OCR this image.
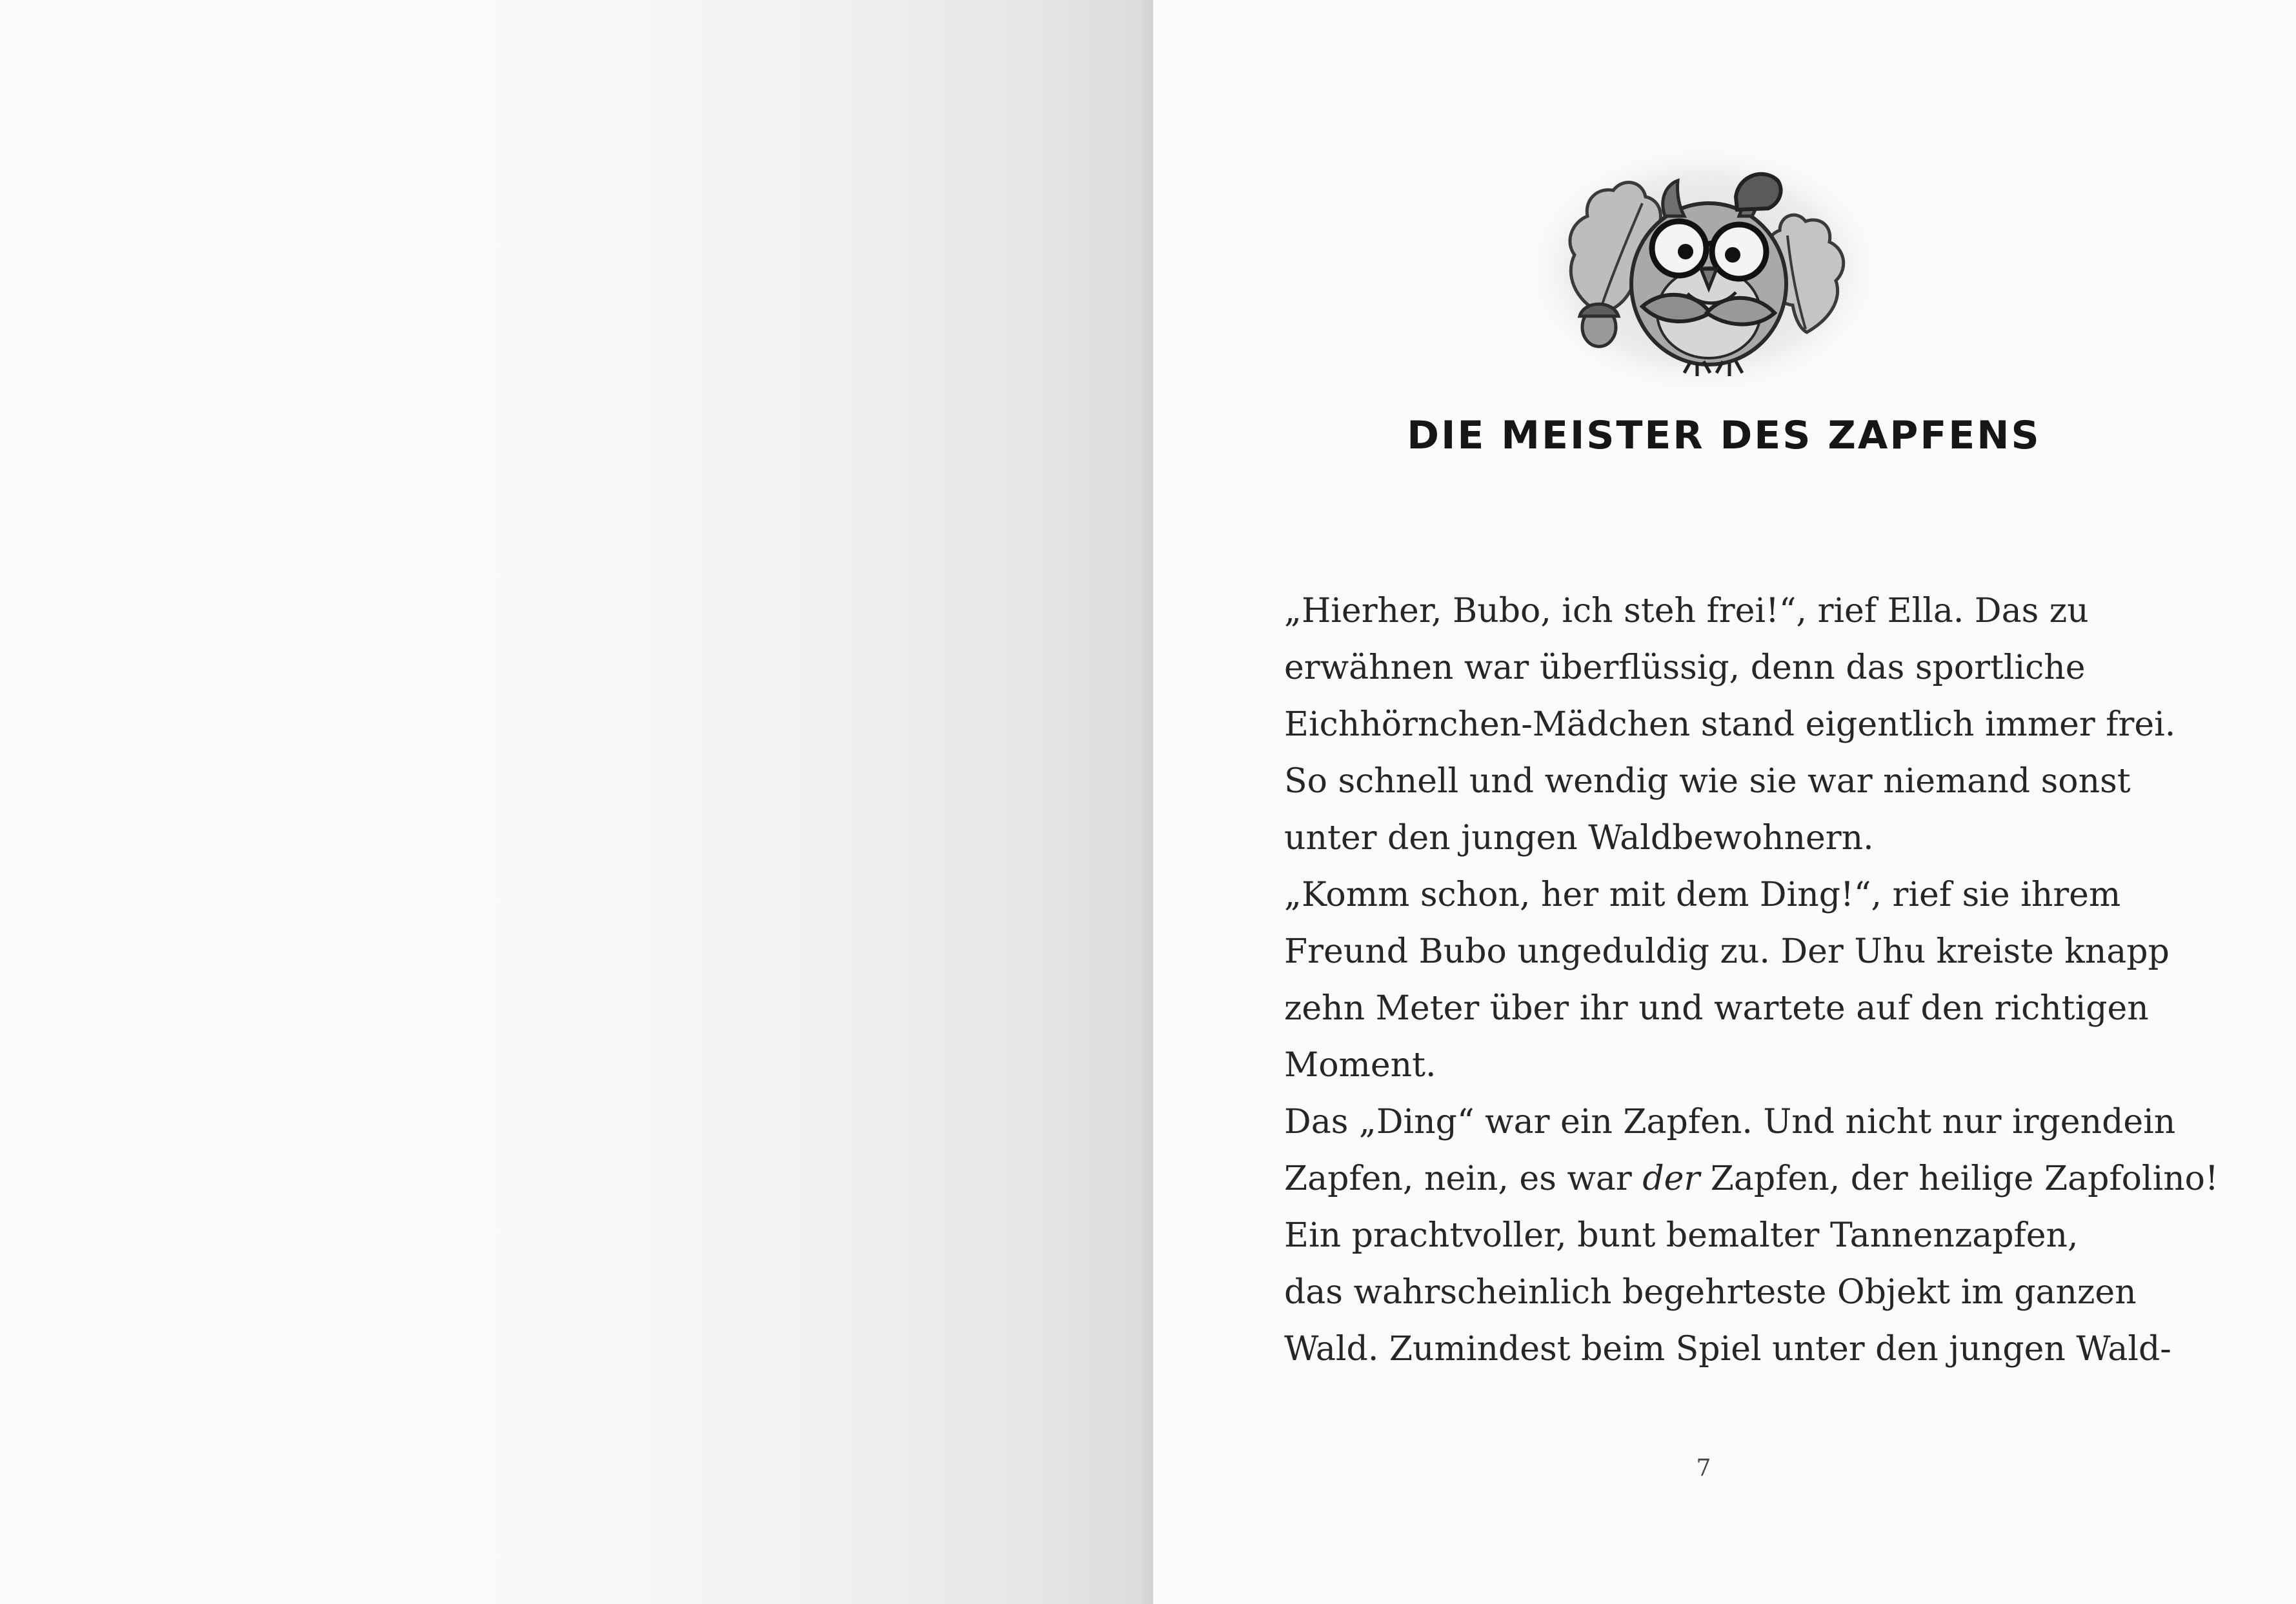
DIE MEISTER DES ZAPFENS

„Hierher, Bubo, ich steh frei!“, rief Ella. Das zu
erwähnen war überflüssig, denn das sportliche
Eichhörnchen-Mädchen stand eigentlich immer frei.
So schnell und wendig wie sie war niemand sonst
unter den jungen Waldbewohnern.
„Komm schon, her mit dem Ding!“, rief sie ihrem
Freund Bubo ungeduldig zu. Der Uhu kreiste knapp
zehn Meter über ihr und wartete auf den richtigen
Moment.
Das „Ding“ war ein Zapfen. Und nicht nur irgendein
Zapfen, nein, es war der Zapfen, der heilige Zapfolino!
Ein prachtvoller, bunt bemalter Tannenzapfen,
das wahrscheinlich begehrteste Objekt im ganzen
Wald. Zumindest beim Spiel unter den jungen Wald-

7
